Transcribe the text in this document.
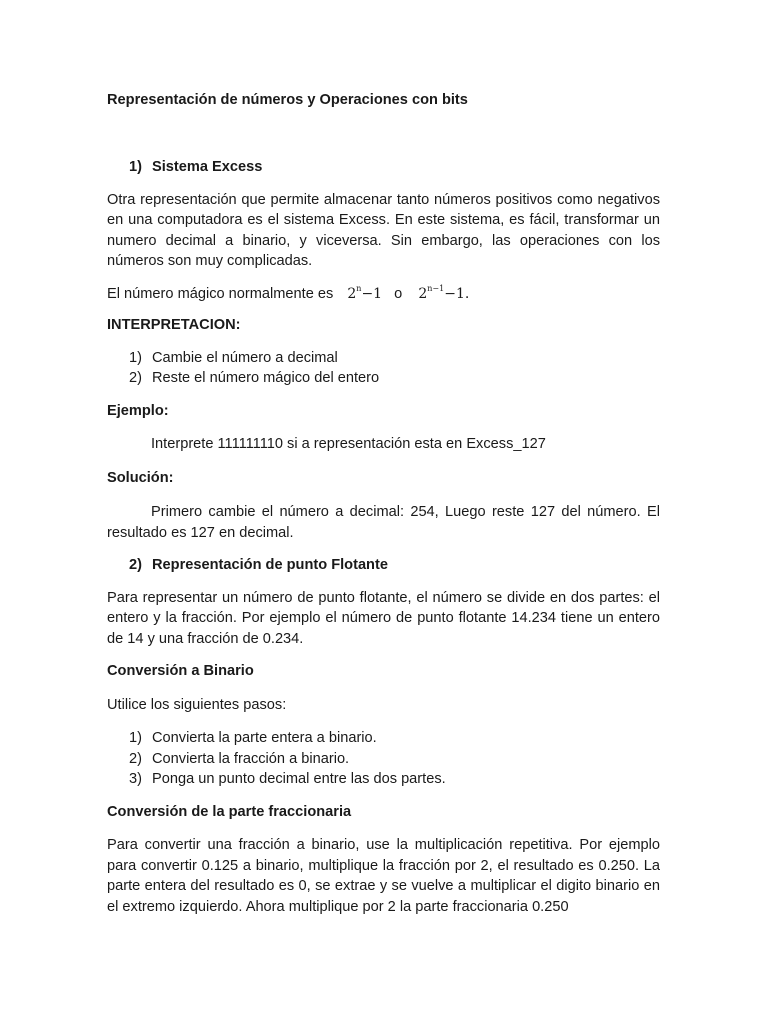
Representación de números y Operaciones con bits

1) Sistema Excess

Otra representación que permite almacenar tanto números positivos como negativos en una computadora es el sistema Excess. En este sistema, es fácil, transformar un numero decimal a binario, y viceversa. Sin embargo, las operaciones con los números son muy complicadas.

El número mágico normalmente es $2^n-1$ o $2^{n-1}-1$.

INTERPRETACION:

1) Cambie el número a decimal
2) Reste el número mágico del entero

Ejemplo:

Interprete 111111110 si a representación esta en Excess_127

Solución:

Primero cambie el número a decimal: 254, Luego reste 127 del número. El resultado es 127 en decimal.

2) Representación de punto Flotante

Para representar un número de punto flotante, el número se divide en dos partes: el entero y la fracción. Por ejemplo el número de punto flotante 14.234 tiene un entero de 14 y una fracción de 0.234.

Conversión a Binario

Utilice los siguientes pasos:

1) Convierta la parte entera a binario.
2) Convierta la fracción a binario.
3) Ponga un punto decimal entre las dos partes.

Conversión de la parte fraccionaria

Para convertir una fracción a binario, use la multiplicación repetitiva. Por ejemplo para convertir 0.125 a binario, multiplique la fracción por 2, el resultado es 0.250. La parte entera del resultado es 0, se extrae y se vuelve a multiplicar el digito binario en el extremo izquierdo. Ahora multiplique por 2 la parte fraccionaria 0.250
